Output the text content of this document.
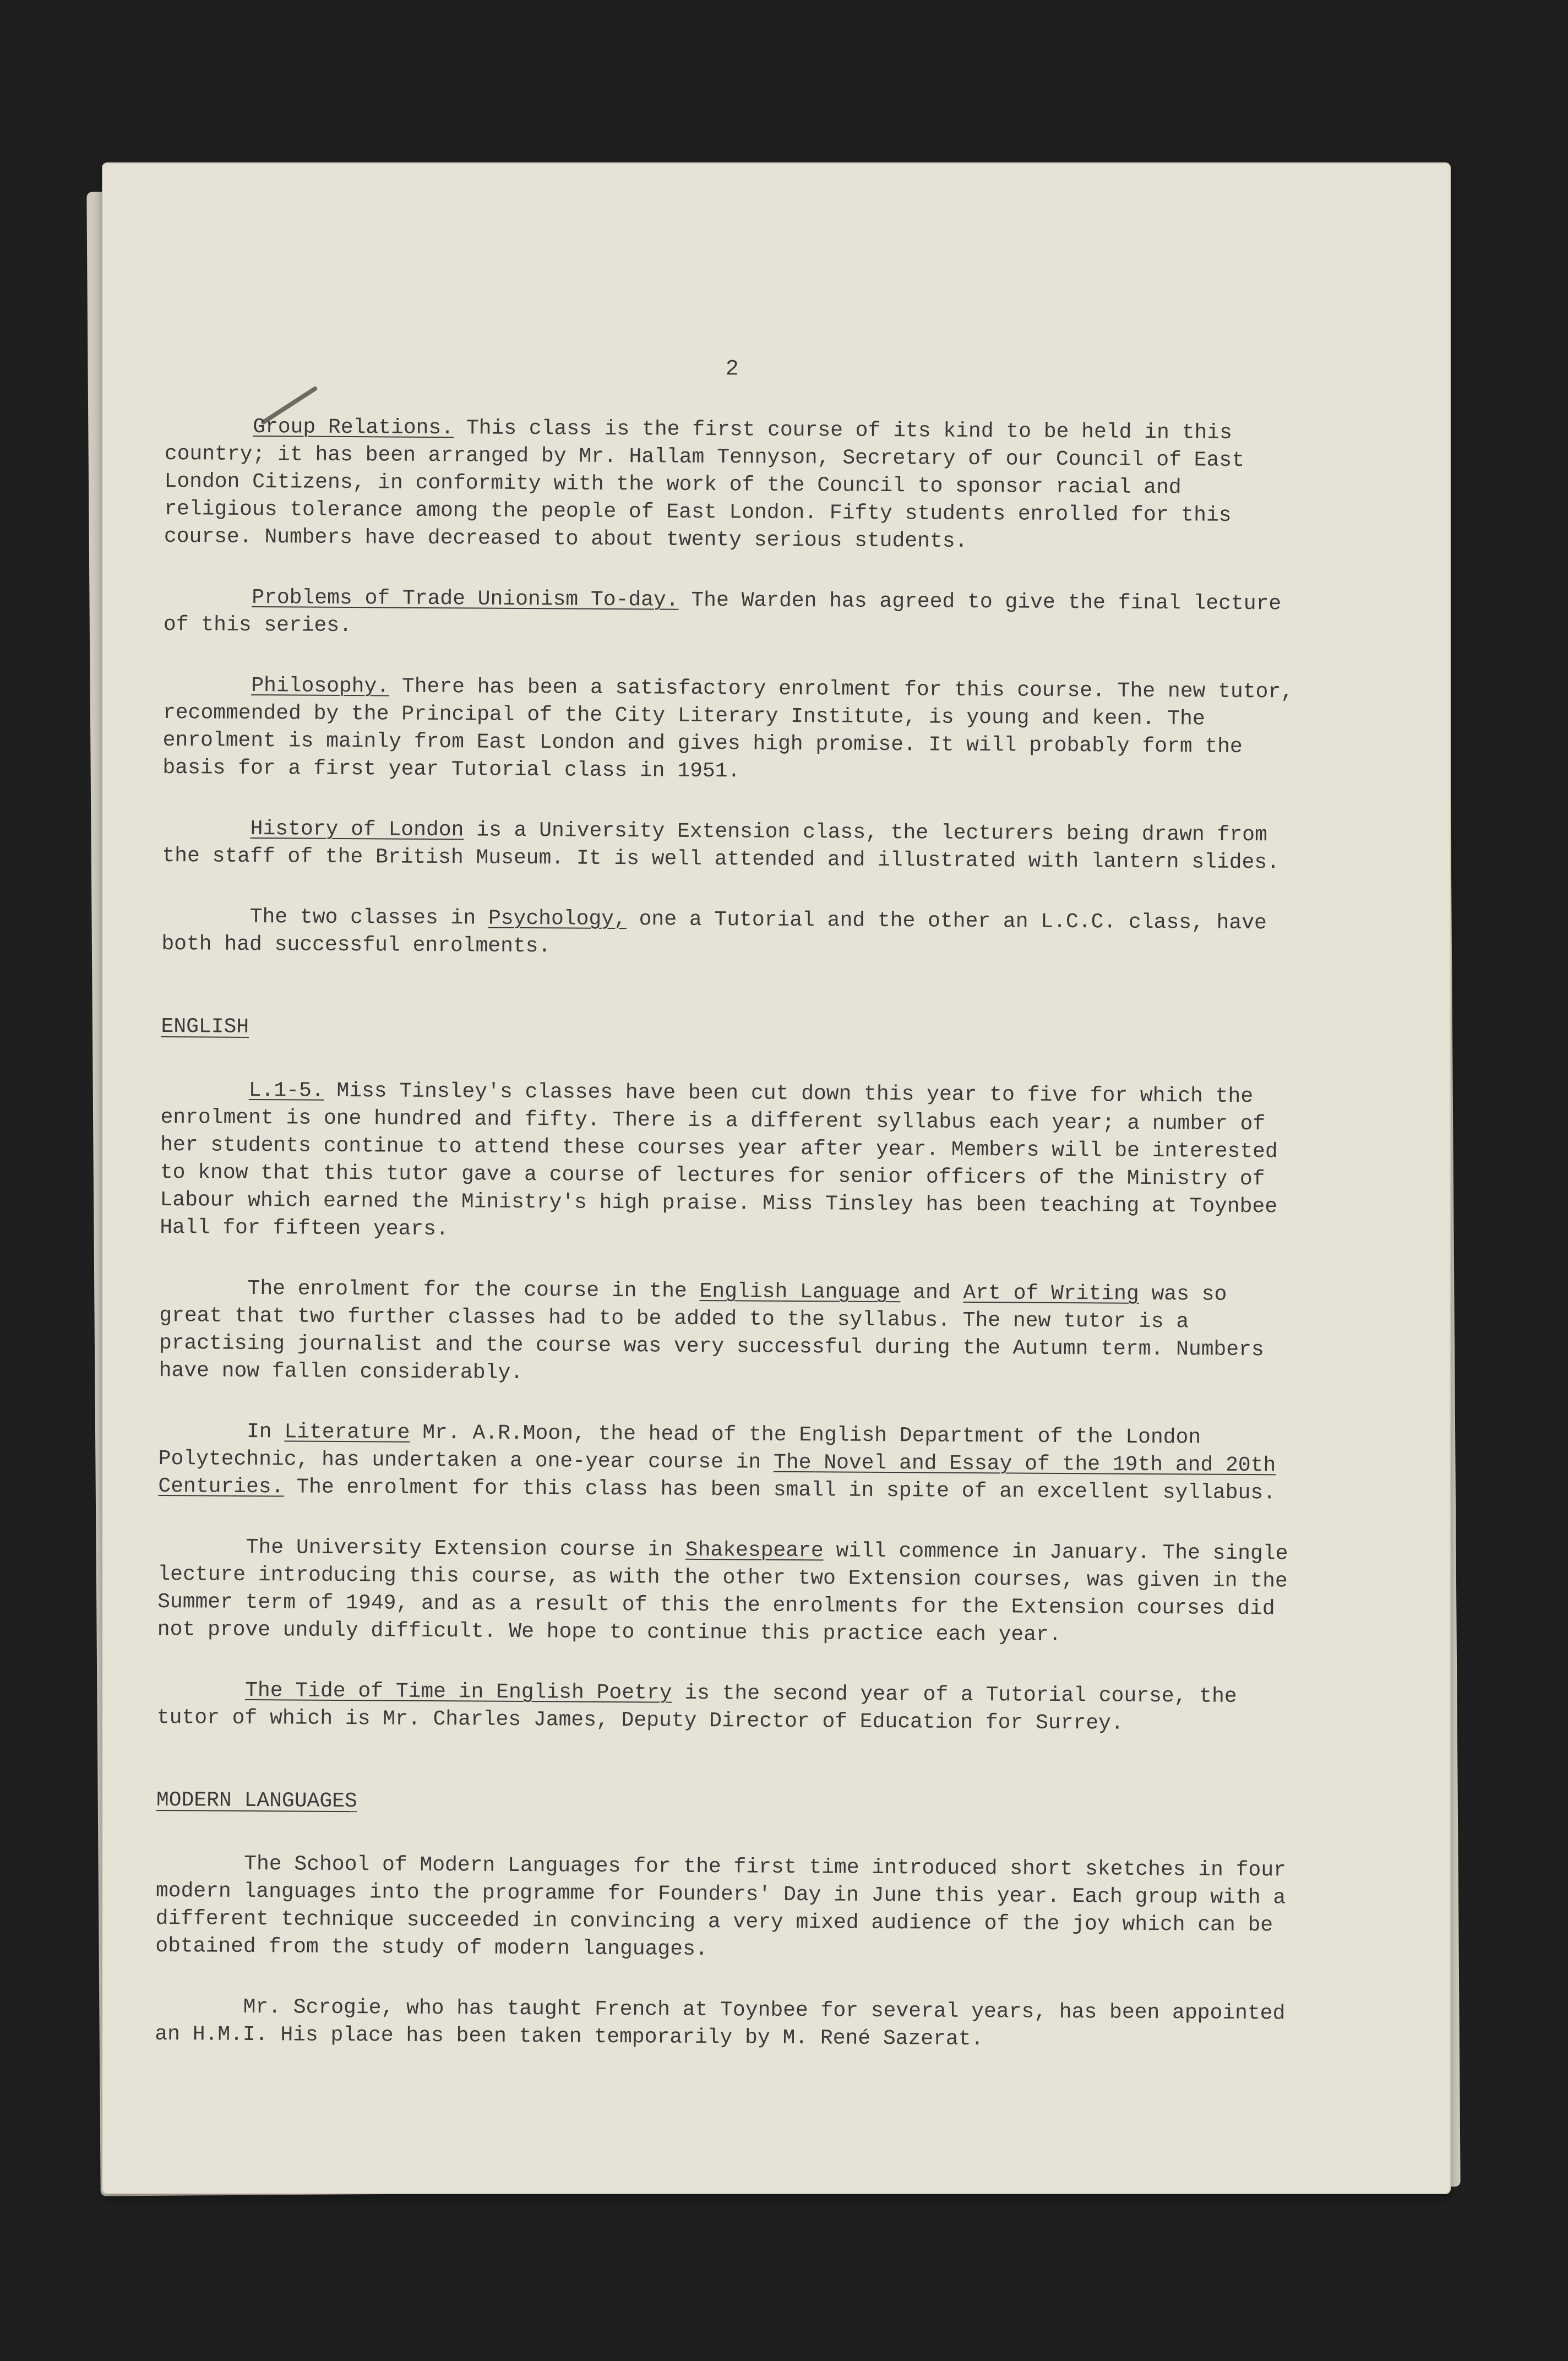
2

Group Relations. This class is the first course of its kind to be held in this country; it has been arranged by Mr. Hallam Tennyson, Secretary of our Council of East London Citizens, in conformity with the work of the Council to sponsor racial and religious tolerance among the people of East London. Fifty students enrolled for this course. Numbers have decreased to about twenty serious students.

Problems of Trade Unionism To-day. The Warden has agreed to give the final lecture of this series.

Philosophy. There has been a satisfactory enrolment for this course. The new tutor, recommended by the Principal of the City Literary Institute, is young and keen. The enrolment is mainly from East London and gives high promise. It will probably form the basis for a first year Tutorial class in 1951.

History of London is a University Extension class, the lecturers being drawn from the staff of the British Museum. It is well attended and illustrated with lantern slides.

The two classes in Psychology, one a Tutorial and the other an L.C.C. class, have both had successful enrolments.

ENGLISH

L.1-5. Miss Tinsley's classes have been cut down this year to five for which the enrolment is one hundred and fifty. There is a different syllabus each year; a number of her students continue to attend these courses year after year. Members will be interested to know that this tutor gave a course of lectures for senior officers of the Ministry of Labour which earned the Ministry's high praise. Miss Tinsley has been teaching at Toynbee Hall for fifteen years.

The enrolment for the course in the English Language and Art of Writing was so great that two further classes had to be added to the syllabus. The new tutor is a practising journalist and the course was very successful during the Autumn term. Numbers have now fallen considerably.

In Literature Mr. A.R.Moon, the head of the English Department of the London Polytechnic, has undertaken a one-year course in The Novel and Essay of the 19th and 20th Centuries. The enrolment for this class has been small in spite of an excellent syllabus.

The University Extension course in Shakespeare will commence in January. The single lecture introducing this course, as with the other two Extension courses, was given in the Summer term of 1949, and as a result of this the enrolments for the Extension courses did not prove unduly difficult. We hope to continue this practice each year.

The Tide of Time in English Poetry is the second year of a Tutorial course, the tutor of which is Mr. Charles James, Deputy Director of Education for Surrey.

MODERN LANGUAGES

The School of Modern Languages for the first time introduced short sketches in four modern languages into the programme for Founders' Day in June this year. Each group with a different technique succeeded in convincing a very mixed audience of the joy which can be obtained from the study of modern languages.

Mr. Scrogie, who has taught French at Toynbee for several years, has been appointed an H.M.I. His place has been taken temporarily by M. René Sazerat.
